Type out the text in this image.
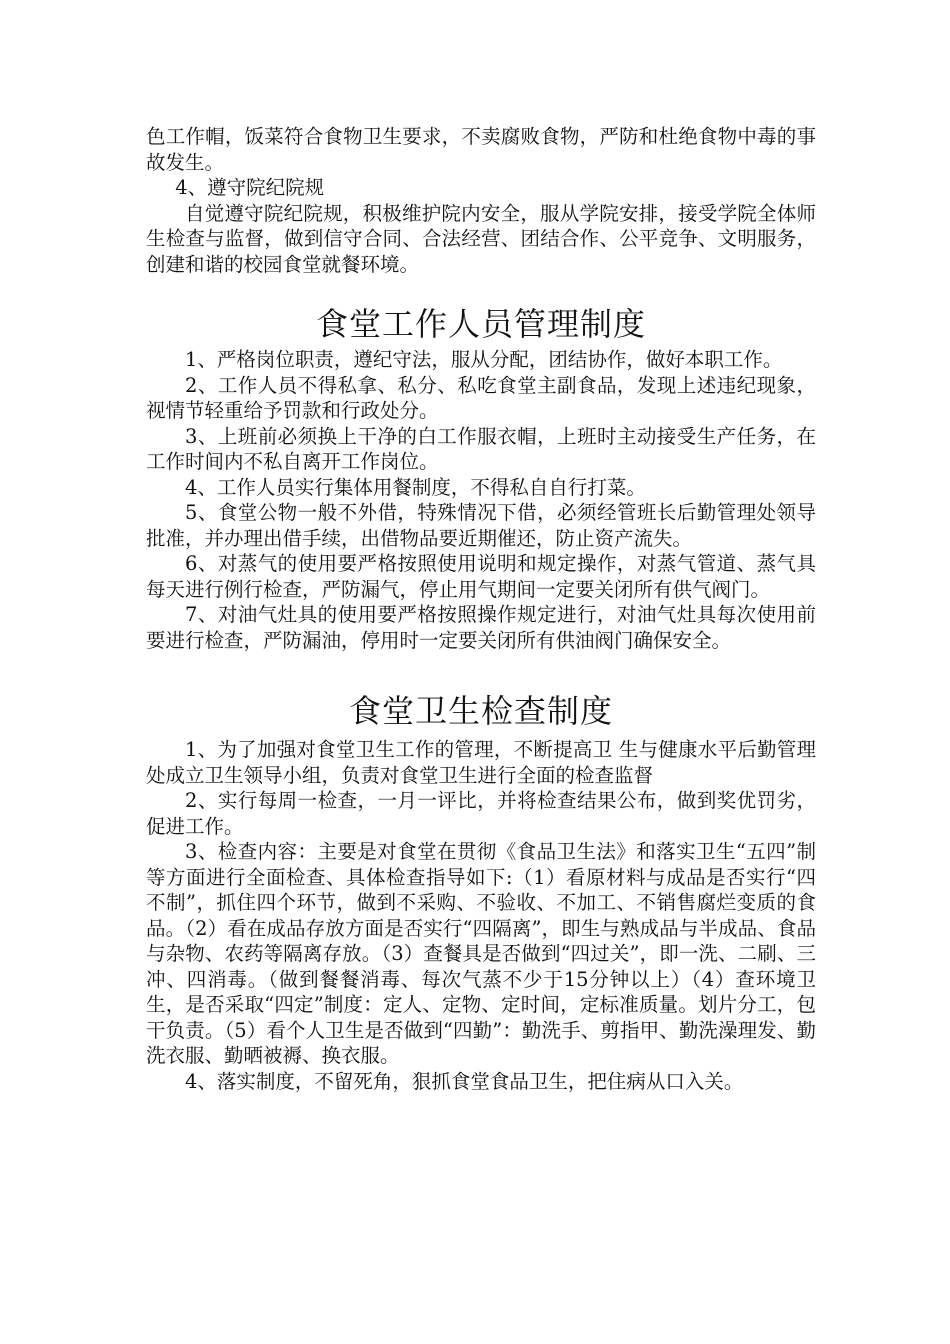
色工作帽，饭菜符合食物卫生要求，不卖腐败食物，严防和杜绝食物中毒的事故发生。

4、遵守院纪院规

自觉遵守院纪院规，积极维护院内安全，服从学院安排，接受学院全体师生检查与监督，做到信守合同、合法经营、团结合作、公平竞争、文明服务，创建和谐的校园食堂就餐环境。

食堂工作人员管理制度

1、严格岗位职责，遵纪守法，服从分配，团结协作，做好本职工作。

2、工作人员不得私拿、私分、私吃食堂主副食品，发现上述违纪现象，视情节轻重给予罚款和行政处分。

3、上班前必须换上干净的白工作服衣帽，上班时主动接受生产任务，在工作时间内不私自离开工作岗位。

4、工作人员实行集体用餐制度，不得私自自行打菜。

5、食堂公物一般不外借，特殊情况下借，必须经管班长后勤管理处领导批准，并办理出借手续，出借物品要近期催还，防止资产流失。

6、对蒸气的使用要严格按照使用说明和规定操作，对蒸气管道、蒸气具每天进行例行检查，严防漏气，停止用气期间一定要关闭所有供气阀门。

7、对油气灶具的使用要严格按照操作规定进行，对油气灶具每次使用前要进行检查，严防漏油，停用时一定要关闭所有供油阀门确保安全。

食堂卫生检查制度

1、为了加强对食堂卫生工作的管理，不断提高卫 生与健康水平后勤管理处成立卫生领导小组，负责对食堂卫生进行全面的检查监督

2、实行每周一检查，一月一评比，并将检查结果公布，做到奖优罚劣，促进工作。

3、检查内容：主要是对食堂在贯彻《食品卫生法》和落实卫生“五四”制等方面进行全面检查、具体检查指导如下:（1）看原材料与成品是否实行“四不制”，抓住四个环节，做到不采购、不验收、不加工、不销售腐烂变质的食品。（2）看在成品存放方面是否实行“四隔离”，即生与熟成品与半成品、食品与杂物、农药等隔离存放。（3）查餐具是否做到“四过关”，即一洗、二刷、三冲、四消毒。（做到餐餐消毒、每次气蒸不少于15分钟以上）（4）查环境卫生，是否采取“四定”制度：定人、定物、定时间，定标准质量。划片分工，包干负责。（5）看个人卫生是否做到“四勤”：勤洗手、剪指甲、勤洗澡理发、勤洗衣服、勤晒被褥、换衣服。

4、落实制度，不留死角，狠抓食堂食品卫生，把住病从口入关。
